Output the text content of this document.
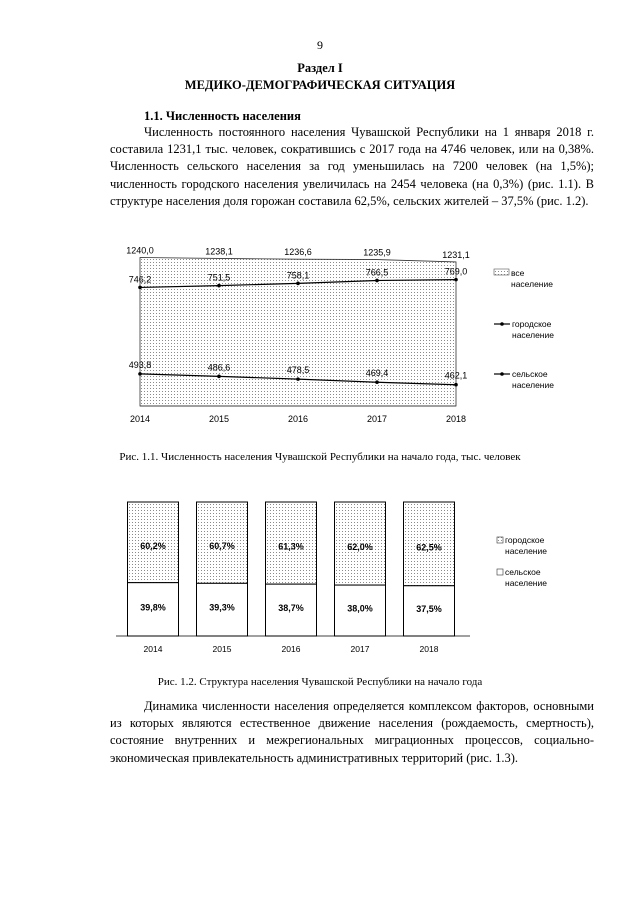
9
Раздел I
МЕДИКО-ДЕМОГРАФИЧЕСКАЯ СИТУАЦИЯ
1.1. Численность населения

Численность постоянного населения Чувашской Республики на 1 января 2018 г. составила 1231,1 тыс. человек, сократившись с 2017 года на 4746 человек, или на 0,38%. Численность сельского населения за год уменьшилась на 7200 человек (на 1,5%); численность городского населения увеличилась на 2454 человека (на 0,3%) (рис. 1.1). В структуре населения доля горожан составила 62,5%, сельских жителей – 37,5% (рис. 1.2).

1240,0	1238,1	1236,6	1235,9	1231,1
746,2	751,5	758,1	766,5	769,0
493,8	486,6	478,5	469,4	462,1
2014	2015	2016	2017	2018
все
население
городское
население
сельское
население
Рис. 1.1. Численность населения Чувашской Республики на начало года, тыс. человек
60,2%
39,8%
60,7%
39,3%
61,3%
38,7%
62,0%
38,0%
62,5%
37,5%
2014	2015	2016	2017	2018
городское
население
сельское
население
Рис. 1.2. Структура населения Чувашской Республики на начало года

Динамика численности населения определяется комплексом факторов, основными из которых являются естественное движение населения (рождаемость, смертность), состояние внутренних и межрегиональных миграционных процессов, социально-экономическая привлекательность административных территорий (рис. 1.3).
